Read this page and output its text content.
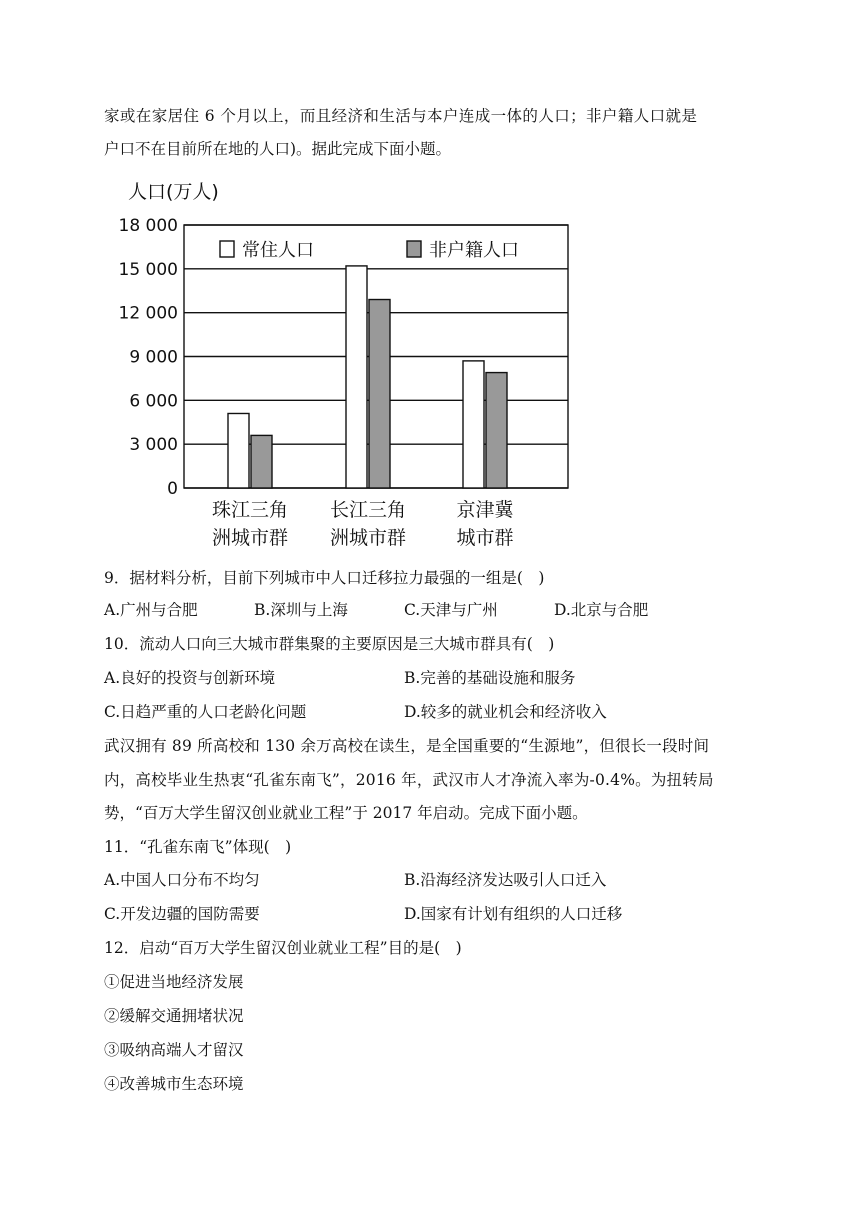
家或在家居住 6 个月以上，而且经济和生活与本户连成一体的人口；非户籍人口就是
户口不在目前所在地的人口)。据此完成下面小题。
人口(万人)
18 000
15 000
12 000
9 000
6 000
3 000
0
常住人口	非户籍人口
珠江三角
洲城市群
长江三角
洲城市群
京津冀
城市群
9．据材料分析，目前下列城市中人口迁移拉力最强的一组是(　)
A.广州与合肥	B.深圳与上海	C.天津与广州	D.北京与合肥
10．流动人口向三大城市群集聚的主要原因是三大城市群具有(　)
A.良好的投资与创新环境	B.完善的基础设施和服务
C.日趋严重的人口老龄化问题	D.较多的就业机会和经济收入
武汉拥有 89 所高校和 130 余万高校在读生，是全国重要的“生源地”，但很长一段时间
内，高校毕业生热衷“孔雀东南飞”，2016 年，武汉市人才净流入率为-0.4%。为扭转局
势，“百万大学生留汉创业就业工程”于 2017 年启动。完成下面小题。
11．“孔雀东南飞”体现(　)
A.中国人口分布不均匀	B.沿海经济发达吸引人口迁入
C.开发边疆的国防需要	D.国家有计划有组织的人口迁移
12．启动“百万大学生留汉创业就业工程”目的是(　)
①促进当地经济发展
②缓解交通拥堵状况
③吸纳高端人才留汉
④改善城市生态环境
